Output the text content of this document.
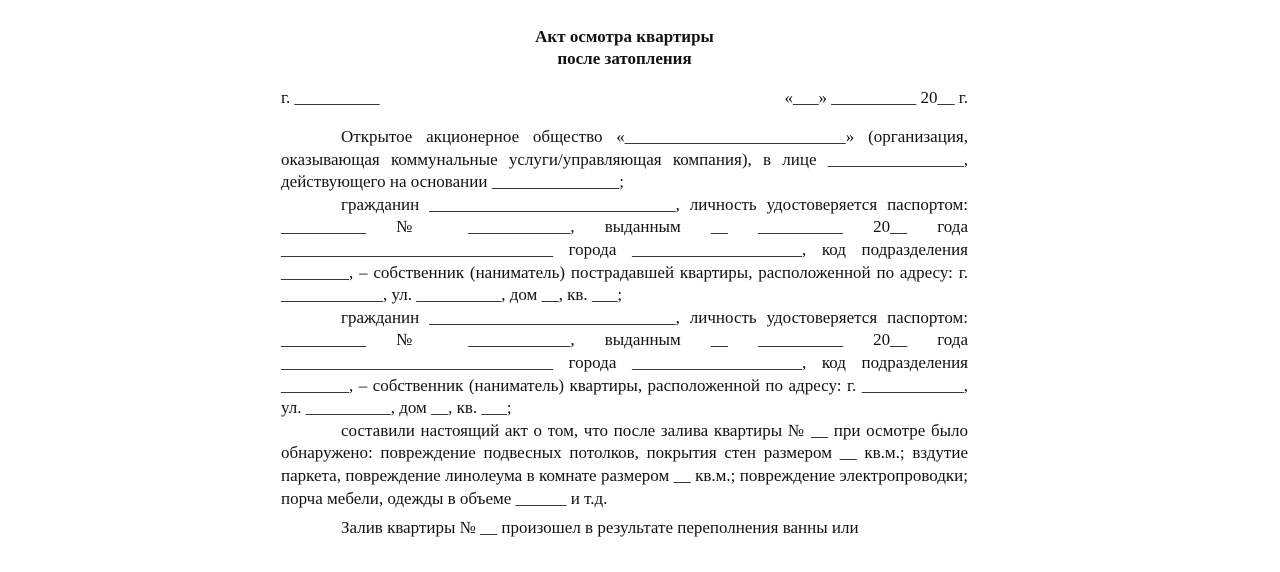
Акт осмотра квартиры
после затопления
г. __________	«___» __________ 20__ г.

Открытое акционерное общество «__________________________» (организация, оказывающая коммунальные услуги/управляющая компания), в лице ________________, действующего на основании _______________;

гражданин _____________________________, личность удостоверяется паспортом: __________ № ____________, выданным __ __________ 20__ года ________________________________ города ____________________, код подразделения ________, – собственник (наниматель) пострадавшей квартиры, расположенной по адресу: г. ____________, ул. __________, дом __, кв. ___;

гражданин _____________________________, личность удостоверяется паспортом: __________ № ____________, выданным __ __________ 20__ года ________________________________ города ____________________, код подразделения ________, – собственник (наниматель) квартиры, расположенной по адресу: г. ____________, ул. __________, дом __, кв. ___;

составили настоящий акт о том, что после залива квартиры № __ при осмотре было обнаружено: повреждение подвесных потолков, покрытия стен размером __ кв.м.; вздутие паркета, повреждение линолеума в комнате размером __ кв.м.; повреждение электропроводки; порча мебели, одежды в объеме ______ и т.д.

Залив квартиры № __ произошел в результате переполнения ванны или
